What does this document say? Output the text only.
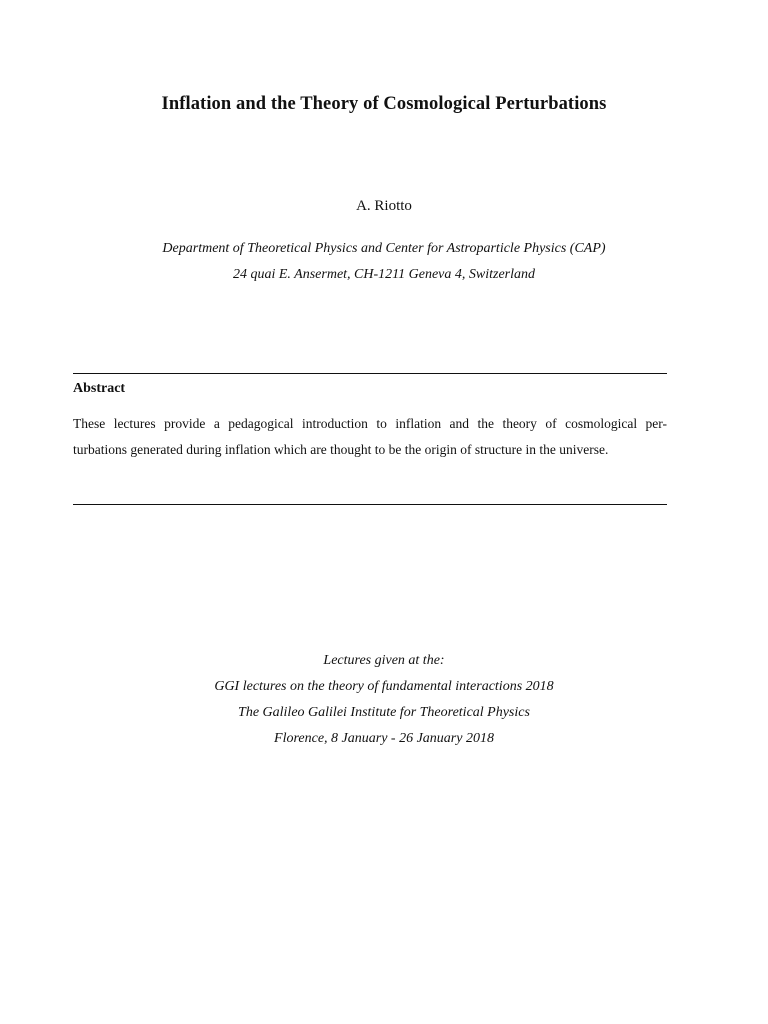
Inflation and the Theory of Cosmological Perturbations
A. Riotto
Department of Theoretical Physics and Center for Astroparticle Physics (CAP)
24 quai E. Ansermet, CH-1211 Geneva 4, Switzerland
Abstract
These lectures provide a pedagogical introduction to inflation and the theory of cosmological per-
turbations generated during inflation which are thought to be the origin of structure in the universe.
Lectures given at the:
GGI lectures on the theory of fundamental interactions 2018
The Galileo Galilei Institute for Theoretical Physics
Florence, 8 January - 26 January 2018
